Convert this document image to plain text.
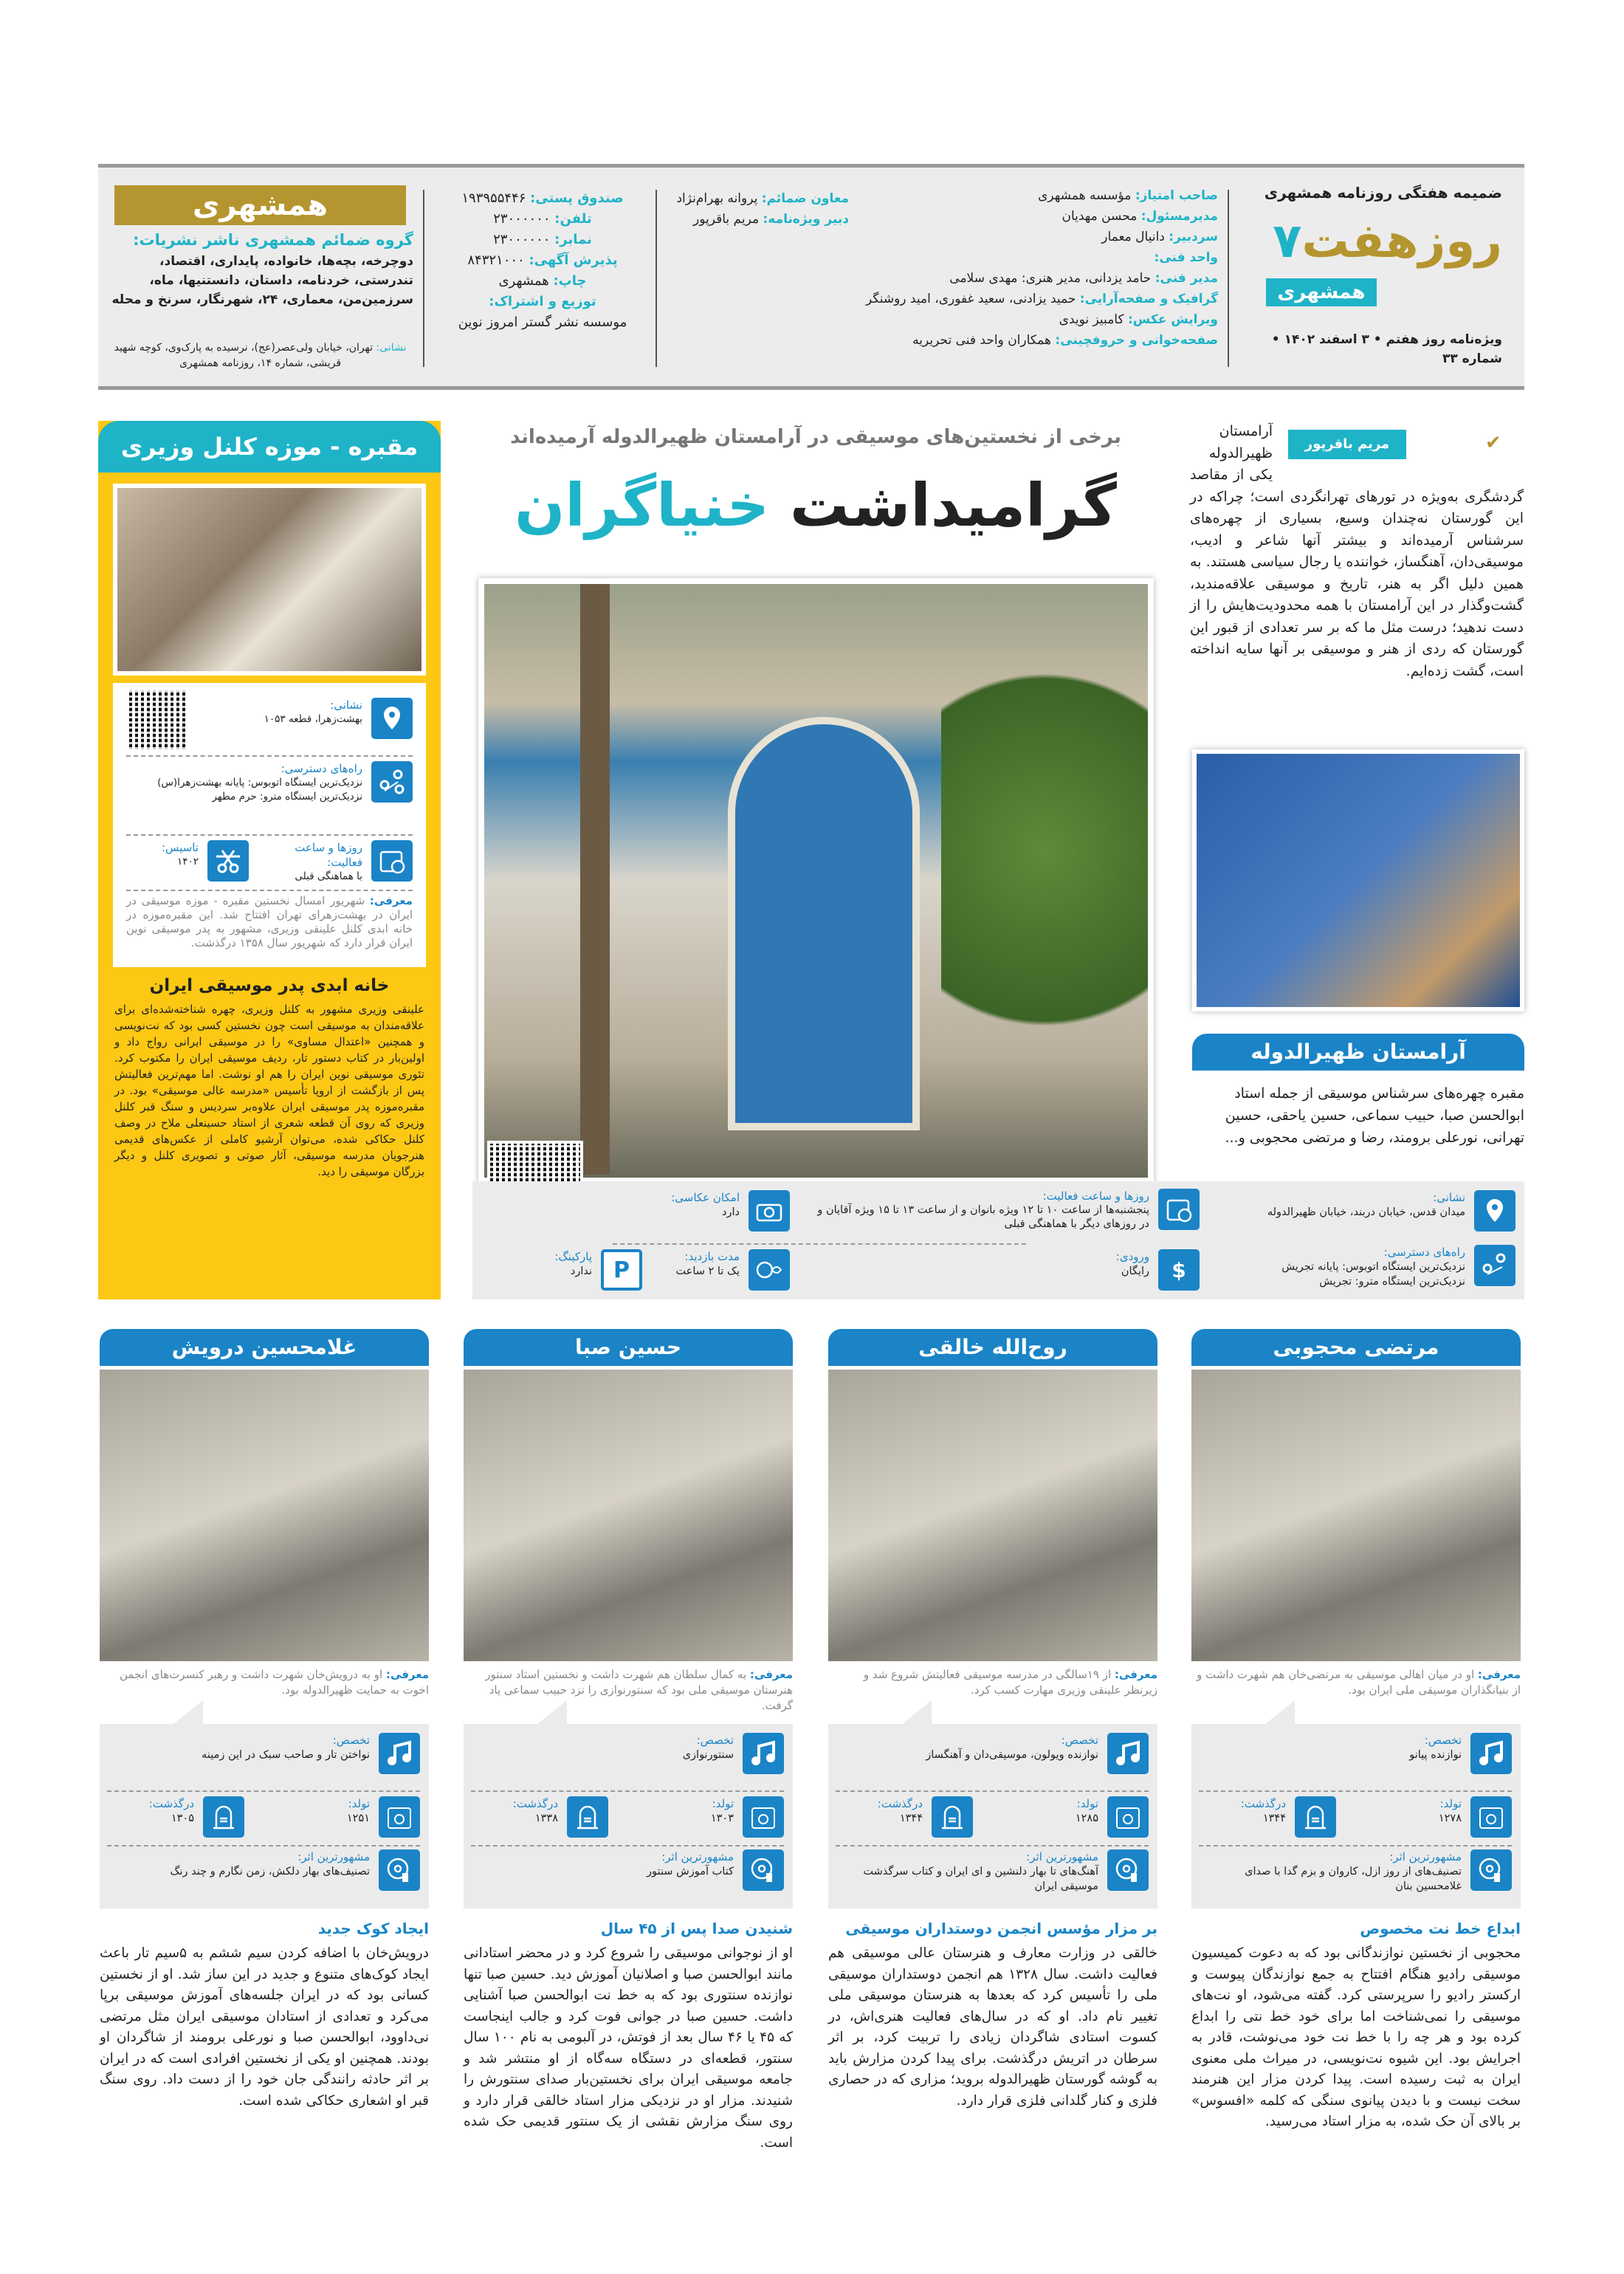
ضمیمه هفتگی روزنامه همشهری
روزهفت۷
همشهری
ویژه‌نامه روز هفتم • ۳ اسفند ۱۴۰۲ • شماره ۳۳
صاحب امتیاز: مؤسسه همشهری
مدیرمسئول: محسن مهدیان
سردبیر: دانیال معمار
واحد فنی:
مدیر فنی: حامد یزدانی، مدیر هنری: مهدی سلامی
گرافیک و صفحه‌آرایی: حمید یزادنی، سعید غفوری، امید روشنگر
ویرایش عکس: کامبیز نویدی
صفحه‌خوانی و حروفچینی: همکاران واحد فنی تحریریه
معاون ضمائم: پروانه بهرام‌نژاد
دبیر ویژه‌نامه: مریم باقرپور
صندوق پستی: ۱۹۳۹۵۵۴۴۶
تلفن: ۲۳۰۰۰۰۰۰
نمابر: ۲۳۰۰۰۰۰۰
پذیرش آگهی: ۸۴۳۲۱۰۰۰
چاپ: همشهری
توزیع و اشتراک:
موسسه نشر گستر امروز نوین
همشهری
گروه ضمائم همشهری ناشر نشریات:
دوچرخه، بچه‌ها، خانواده، پایداری، اقتصاد، تندرستی، خردنامه، داستان، دانستنیها، ماه، سرزمین‌من، معماری، ۲۴، شهرنگار، سرنخ و محله
نشانی: تهران، خیابان ولی‌عصر(عج)، نرسیده به پارک‌وی، کوچه شهید قریشی، شماره ۱۴، روزنامه همشهری
مقبره - موزه کلنل وزیری
نشانی:
بهشت‌زهرا، قطعه ۱۰۵۳
راه‌های دسترسی:
نزدیک‌ترین ایستگاه اتوبوس: پایانه بهشت‌زهرا(س)
نزدیک‌ترین ایستگاه مترو: حرم مطهر
روزها و ساعت فعالیت:
با هماهنگی قبلی
تاسیس:
۱۴۰۲
معرفی: شهریور امسال نخستین مقبره - موزه موسیقی در ایران در بهشت‌زهرای تهران افتتاح شد. این مقبره‌موزه در خانه ابدی کلنل علینقی وزیری، مشهور به پدر موسیقی نوین ایران قرار دارد که شهریور سال ۱۳۵۸ درگذشت.
خانه ابدی پدر موسیقی ایران
علینقی وزیری مشهور به کلنل وزیری، چهره شناخته‌شده‌ای برای علاقه‌مندان به موسیقی است چون نخستین کسی بود که نت‌نویسی و همچنین «اعتدال مساوی» را در موسیقی ایرانی رواج داد و اولین‌بار در کتاب دستور تار، ردیف موسیقی ایران را مکتوب کرد. تئوری موسیقی نوین ایران را هم او نوشت. اما مهم‌ترین فعالیتش پس از بازگشت از اروپا تأسیس «مدرسه عالی موسیقی» بود. در مقبره‌موزه پدر موسیقی ایران علاوه‌بر سردیس و سنگ قبر کلنل وزیری که روی آن قطعه شعری از استاد حسینعلی ملاح در وصف کلنل حکاکی شده، می‌توان آرشیو کاملی از عکس‌های قدیمی هنرجویان مدرسه موسیقی، آثار صوتی و تصویری کلنل و دیگر بزرگان موسیقی را دید.
برخی از نخستین‌های موسیقی در آرامستان ظهیرالدوله آرمیده‌اند
گرامیداشت خنیاگران
مریم باقرپور	✔
آرامستان ظهیرالدوله یکی از مقاصد گردشگری به‌ویژه در تورهای تهرانگردی است؛ چراکه در این گورستان نه‌چندان وسیع، بسیاری از چهره‌های سرشناس آرمیده‌اند و بیشتر آنها شاعر و ادیب، موسیقی‌دان، آهنگساز، خواننده یا رجال سیاسی هستند. به همین دلیل اگر به هنر، تاریخ و موسیقی علاقه‌مندید، گشت‌وگذار در این آرامستان با همه محدودیت‌هایش را از دست ندهید؛ درست مثل ما که بر سر تعدادی از قبور این گورستان که ردی از هنر و موسیقی بر آنها سایه انداخته است، گشت زده‌ایم.
آرامستان ظهیرالدوله
مقبره چهره‌های سرشناس موسیقی از جمله استاد ابوالحسن صبا، حبیب سماعی، حسین یاحقی، حسین تهرانی، نورعلی برومند، رضا و مرتضی محجوبی و...
نشانی:
میدان قدس، خیابان دربند، خیابان ظهیرالدوله
راه‌های دسترسی:
نزدیک‌ترین ایستگاه اتوبوس: پایانه تجریش
نزدیک‌ترین ایستگاه مترو: تجریش
روزها و ساعت فعالیت:
پنجشنبه‌ها از ساعت ۱۰ تا ۱۲ ویژه بانوان و از ساعت ۱۳ تا ۱۵ ویژه آقایان و در روزهای دیگر با هماهنگی قبلی
$
ورودی:
رایگان
امکان عکاسی:
دارد
مدت بازدید:
یک تا ۲ ساعت
P
پارکینگ:
ندارد
مرتضی محجوبی
معرفی: او در میان اهالی موسیقی به مرتضی‌خان هم شهرت داشت و از بنیانگذاران موسیقی ملی ایران بود.
تخصص:
نوازنده پیانو
تولد:
۱۲۷۸
درگذشت:
۱۳۴۴
مشهورترین اثر:
تصنیف‌های از روز ازل، کاروان و بزم گدا با صدای غلامحسین بنان
ابداع خط نت مخصوص
محجوبی از نخستین نوازندگانی بود که به دعوت کمیسیون موسیقی رادیو هنگام افتتاح به جمع نوازندگان پیوست و ارکستر رادیو را سرپرستی کرد. گفته می‌شود، او نت‌های موسیقی را نمی‌شناخت اما برای خود خط نتی را ابداع کرده بود و هر چه را با خط نت خود می‌نوشت، قادر به اجرایش بود. این شیوه نت‌نویسی، در میراث ملی معنوی ایران به ثبت رسیده است. پیدا کردن مزار این هنرمند سخت نیست و با دیدن پیانوی سنگی که کلمه «افسوس» بر بالای آن حک شده، به مزار استاد می‌رسید.
روح‌الله خالقی
معرفی: از ۱۹سالگی در مدرسه موسیقی فعالیتش شروع شد و زیرنظر علینقی وزیری مهارت کسب کرد.
تخصص:
نوازنده ویولون، موسیقی‌دان و آهنگساز
تولد:
۱۲۸۵
درگذشت:
۱۳۴۴
مشهورترین اثر:
آهنگ‌های تا بهار دلنشین و ای ایران و کتاب سرگذشت موسیقی ایران
بر مزار مؤسس انجمن دوستداران موسیقی
خالقی در وزارت معارف و هنرستان عالی موسیقی هم فعالیت داشت. سال ۱۳۲۸ هم انجمن دوستداران موسیقی ملی را تأسیس کرد که بعدها به هنرستان موسیقی ملی تغییر نام داد. او که در سال‌های فعالیت هنری‌اش، در کسوت استادی شاگردان زیادی را تربیت کرد، بر اثر سرطان در اتریش درگذشت. برای پیدا کردن مزارش باید به گوشه گورستان ظهیرالدوله بروید؛ مزاری که در حصاری فلزی و کنار گلدانی فلزی قرار دارد.
حسین صبا
معرفی: به کمال سلطان هم شهرت داشت و نخستین استاد سنتور هنرستان موسیقی ملی بود که سنتورنوازی را نزد حبیب سماعی یاد گرفت.
تخصص:
سنتورنوازی
تولد:
۱۳۰۳
درگذشت:
۱۳۳۸
مشهورترین اثر:
کتاب آموزش سنتور
شنیدن صدا پس از ۴۵ سال
او از نوجوانی موسیقی را شروع کرد و در محضر استادانی مانند ابوالحسن صبا و اصلانیان آموزش دید. حسین صبا تنها نوازنده سنتوری بود که به خط نت ابوالحسن صبا آشنایی داشت. حسین صبا در جوانی فوت کرد و جالب اینجاست که ۴۵ یا ۴۶ سال بعد از فوتش، در آلبومی به نام ۱۰۰ سال سنتور، قطعه‌ای در دستگاه سه‌گاه از او منتشر شد و جامعه موسیقی ایران برای نخستین‌بار صدای سنتورش را شنیدند. مزار او در نزدیکی مزار استاد خالقی قرار دارد و روی سنگ مزارش نقشی از یک سنتور قدیمی حک شده است.
غلامحسین درویش
معرفی: او به درویش‌خان شهرت داشت و رهبر کنسرت‌های انجمن اخوت به حمایت ظهیرالدوله بود.
تخصص:
نواختن تار و صاحب سبک در این زمینه
تولد:
۱۲۵۱
درگذشت:
۱۳۰۵
مشهورترین اثر:
تصنیف‌های بهار دلکش، زمن نگارم و چند رنگ
ایجاد کوک جدید
درویش‌خان با اضافه کردن سیم ششم به ۵سیم تار باعث ایجاد کوک‌های متنوع و جدید در این ساز شد. او از نخستین کسانی بود که در ایران جلسه‌های آموزش موسیقی برپا می‌کرد و تعدادی از استادان موسیقی ایران مثل مرتضی نی‌داوود، ابوالحسن صبا و نورعلی برومند از شاگردان او بودند. همچنین او یکی از نخستین افرادی است که در ایران بر اثر حادثه رانندگی جان خود را از دست داد. روی سنگ قبر او اشعاری حکاکی شده است.
